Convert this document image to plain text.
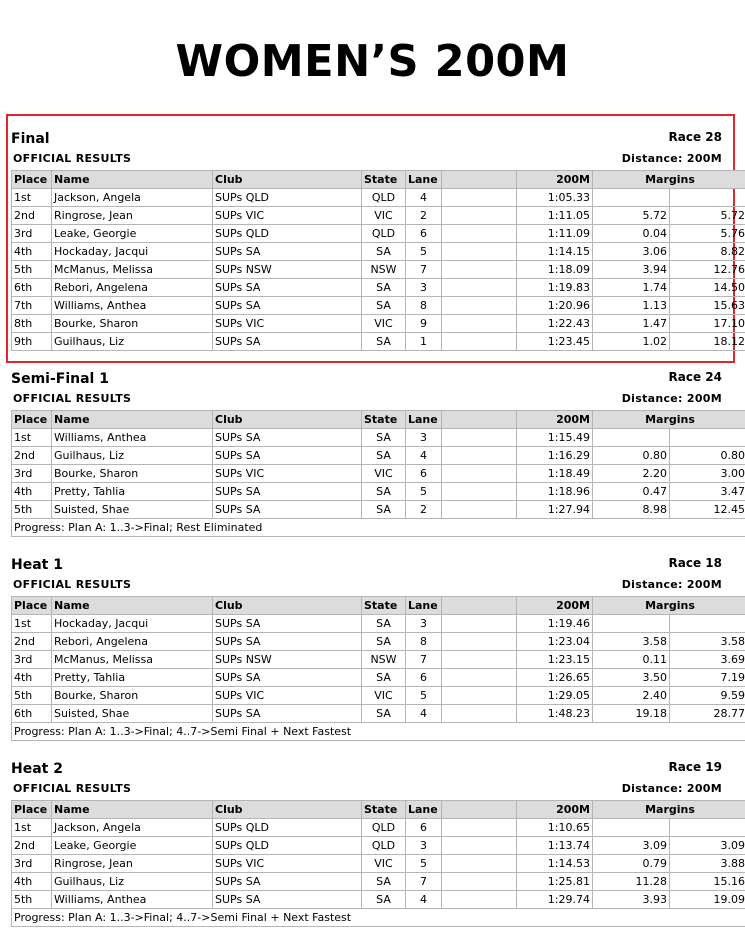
WOMEN’S 200M
Final	Race 28
OFFICIAL RESULTS	Distance: 200M
Place	Name	Club	State	Lane		200M	Margins		
1st	Jackson, Angela	SUPs QLD	QLD	4		1:05.33			
2nd	Ringrose, Jean	SUPs VIC	VIC	2		1:11.05	5.72	5.72	
3rd	Leake, Georgie	SUPs QLD	QLD	6		1:11.09	0.04	5.76	
4th	Hockaday, Jacqui	SUPs SA	SA	5		1:14.15	3.06	8.82	
5th	McManus, Melissa	SUPs NSW	NSW	7		1:18.09	3.94	12.76	
6th	Rebori, Angelena	SUPs SA	SA	3		1:19.83	1.74	14.50	
7th	Williams, Anthea	SUPs SA	SA	8		1:20.96	1.13	15.63	
8th	Bourke, Sharon	SUPs VIC	VIC	9		1:22.43	1.47	17.10	
9th	Guilhaus, Liz	SUPs SA	SA	1		1:23.45	1.02	18.12	
Semi-Final 1	Race 24
OFFICIAL RESULTS	Distance: 200M
Place	Name	Club	State	Lane		200M	Margins		
1st	Williams, Anthea	SUPs SA	SA	3		1:15.49			
2nd	Guilhaus, Liz	SUPs SA	SA	4		1:16.29	0.80	0.80	
3rd	Bourke, Sharon	SUPs VIC	VIC	6		1:18.49	2.20	3.00	
4th	Pretty, Tahlia	SUPs SA	SA	5		1:18.96	0.47	3.47	
5th	Suisted, Shae	SUPs SA	SA	2		1:27.94	8.98	12.45	
Progress: Plan A: 1..3->Final; Rest Eliminated									
Heat 1	Race 18
OFFICIAL RESULTS	Distance: 200M
Place	Name	Club	State	Lane		200M	Margins		
1st	Hockaday, Jacqui	SUPs SA	SA	3		1:19.46			
2nd	Rebori, Angelena	SUPs SA	SA	8		1:23.04	3.58	3.58	
3rd	McManus, Melissa	SUPs NSW	NSW	7		1:23.15	0.11	3.69	
4th	Pretty, Tahlia	SUPs SA	SA	6		1:26.65	3.50	7.19	
5th	Bourke, Sharon	SUPs VIC	VIC	5		1:29.05	2.40	9.59	
6th	Suisted, Shae	SUPs SA	SA	4		1:48.23	19.18	28.77	
Progress: Plan A: 1..3->Final; 4..7->Semi Final + Next Fastest									
Heat 2	Race 19
OFFICIAL RESULTS	Distance: 200M
Place	Name	Club	State	Lane		200M	Margins		
1st	Jackson, Angela	SUPs QLD	QLD	6		1:10.65			
2nd	Leake, Georgie	SUPs QLD	QLD	3		1:13.74	3.09	3.09	
3rd	Ringrose, Jean	SUPs VIC	VIC	5		1:14.53	0.79	3.88	
4th	Guilhaus, Liz	SUPs SA	SA	7		1:25.81	11.28	15.16	
5th	Williams, Anthea	SUPs SA	SA	4		1:29.74	3.93	19.09	
Progress: Plan A: 1..3->Final; 4..7->Semi Final + Next Fastest									
